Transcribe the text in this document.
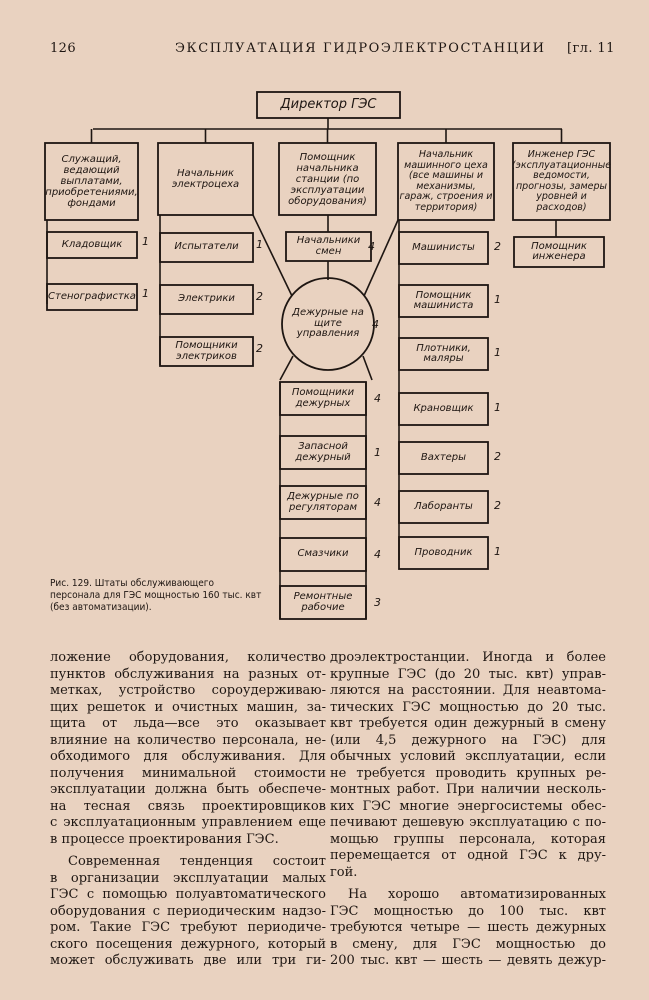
126	ЭКСПЛУАТАЦИЯ ГИДРОЭЛЕКТРОСТАНЦИИ [гл. 11
Директор ГЭС
Служащий, ведающий выплатами, приобретениями, фондами
Начальник электроцеха
Помощник начальника станции (по эксплуатации оборудования)
Начальник машинного цеха (все машины и механизмы, гараж, строения и территория)
Инженер ГЭС (эксплуатационные ведомости, прогнозы, замеры уровней и расходов)
Кладовщик 1
Стенографистка 1
Испытатели 1
Электрики 2
Помощники электриков
2
Начальники смен	4
Дежурные на щите управления
4
Помощники дежурных	4
Запасной дежурный	1
Дежурные по регуляторам	4
Смазчики 4
Ремонтные рабочие	3
Машинисты 2
Помощник машиниста	1
Плотники, маляры	1
Крановщик 1
Вахтеры	2
Лаборанты 2
Проводник 1
Помощник инженера
Рис. 129. Штаты обслуживающего персонала для ГЭС мощностью 160 тыс. квт (без автоматизации).

ложение оборудования, количество

пунктов обслуживания на разных от-

метках, устройство сороудерживаю-

щих решеток и очистных машин, за-

щита от льда—все это оказывает

влияние на количество персонала, не-

обходимого для обслуживания. Для

получения минимальной стоимости

эксплуатации должна быть обеспече-

на тесная связь проектировщиков

с эксплуатационным управлением еще

в процессе проектирования ГЭС.

Современная тенденция состоит

в организации эксплуатации малых

ГЭС с помощью полуавтоматического

оборудования с периодическим надзо-

ром. Такие ГЭС требуют периодиче-

ского посещения дежурного, который

может обслуживать две или три ги-

дроэлектростанции. Иногда и более

крупные ГЭС (до 20 тыс. квт) управ-

ляются на расстоянии. Для неавтома-

тических ГЭС мощностью до 20 тыс.

квт требуется один дежурный в смену

(или 4,5 дежурного на ГЭС) для

обычных условий эксплуатации, если

не требуется проводить крупных ре-

монтных работ. При наличии несколь-

ких ГЭС многие энергосистемы обес-

печивают дешевую эксплуатацию с по-

мощью группы персонала, которая

перемещается от одной ГЭС к дру-

гой.

На хорошо автоматизированных

ГЭС мощностью до 100 тыс. квт

требуются четыре — шесть дежурных

в смену, для ГЭС мощностью до

200 тыс. квт — шесть — девять дежур-
